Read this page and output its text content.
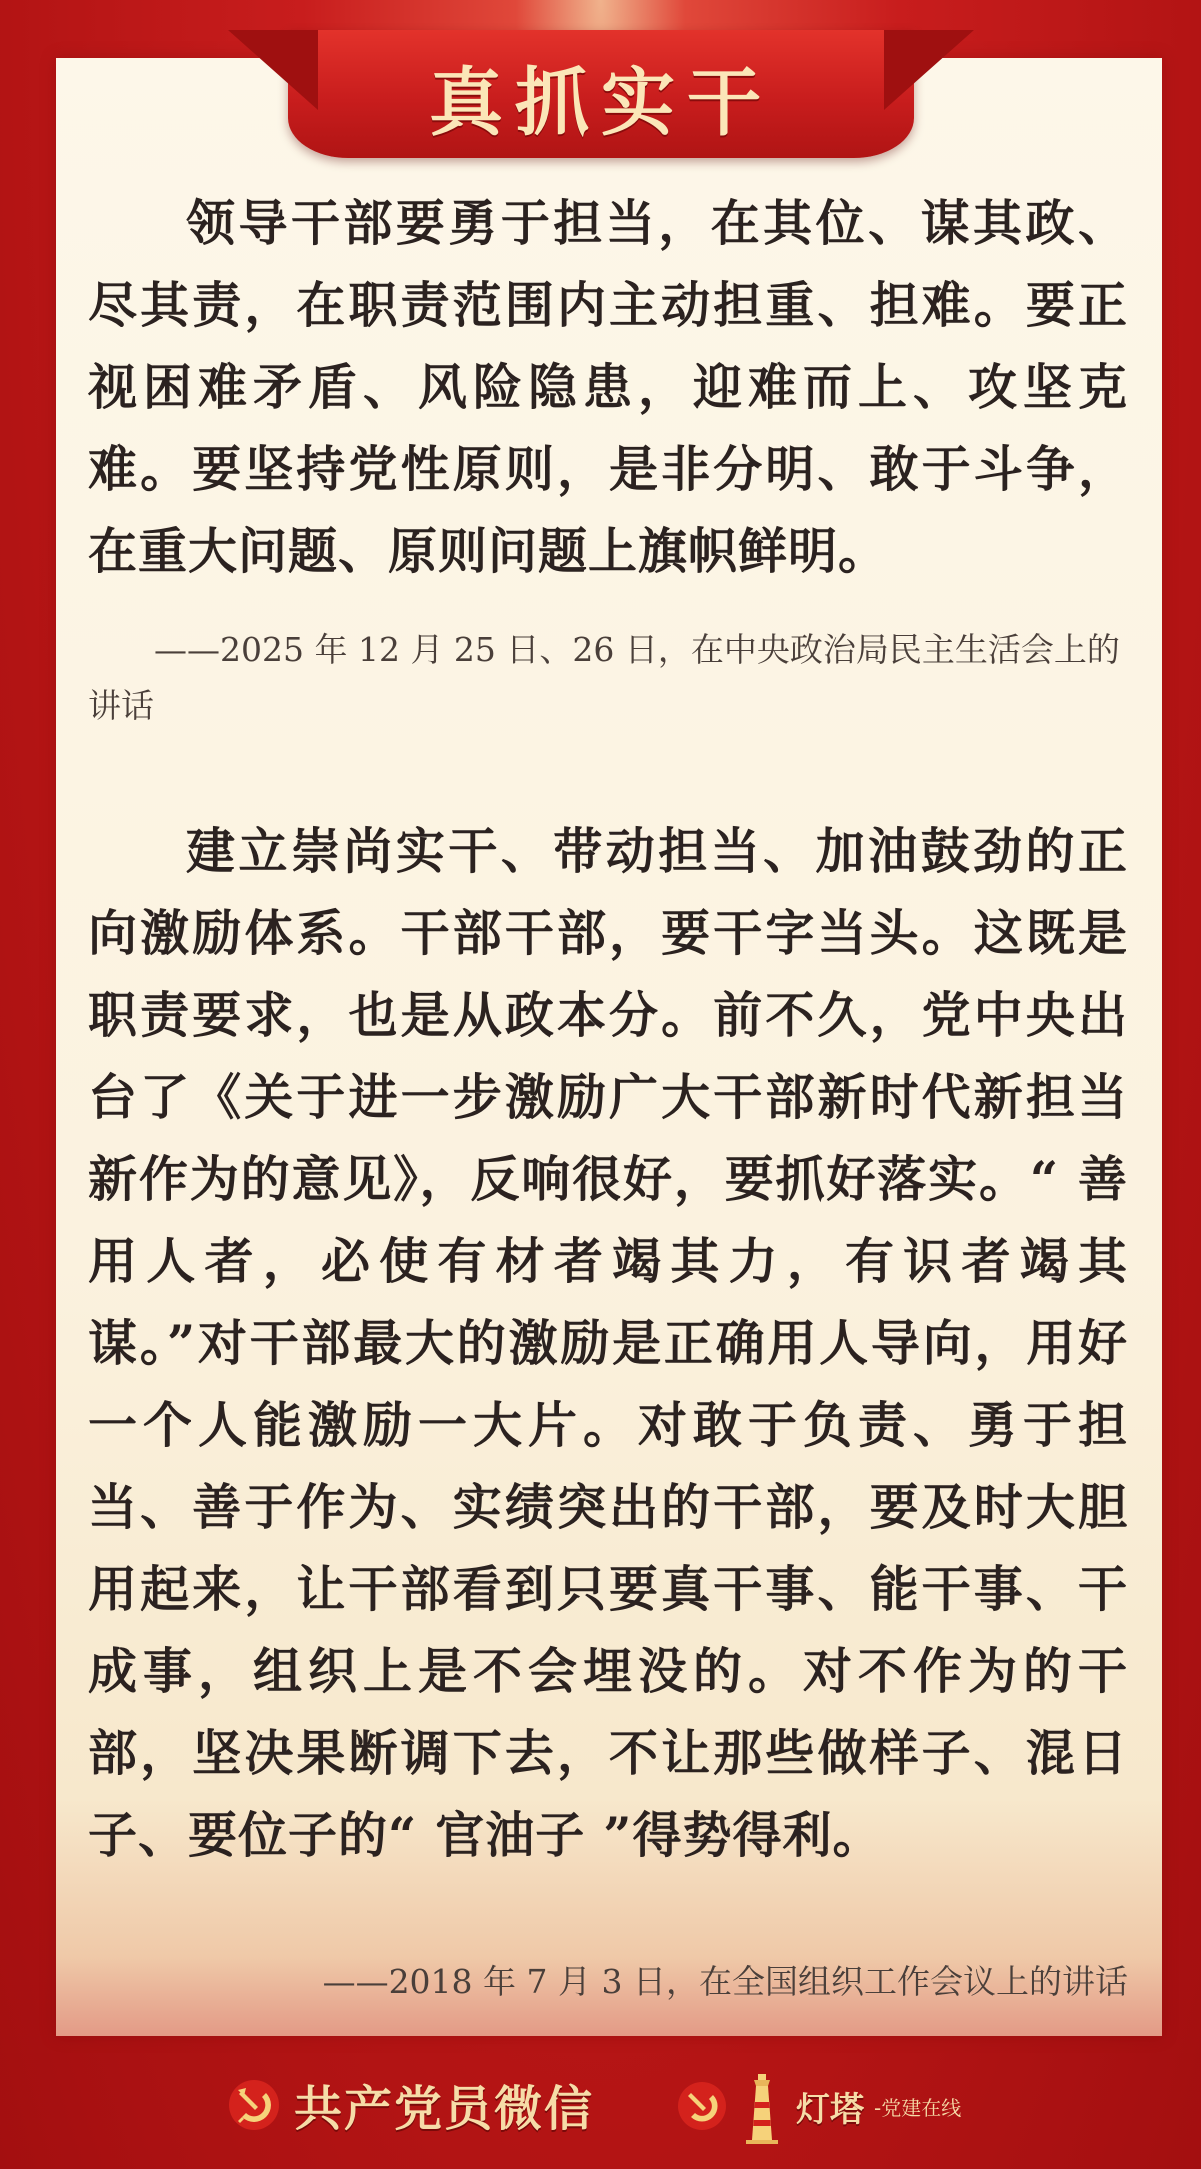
真抓实干

领导干部要勇于担当，在其位、谋其政、尽其责，在职责范围内主动担重、担难。要正视困难矛盾、风险隐患，迎难而上、攻坚克难。要坚持党性原则，是非分明、敢于斗争，在重大问题、原则问题上旗帜鲜明。

——2025 年 12 月 25 日、26 日，在中央政治局民主生活会上的讲话

建立崇尚实干、带动担当、加油鼓劲的正向激励体系。干部干部，要干字当头。这既是职责要求，也是从政本分。前不久，党中央出台了《关于进一步激励广大干部新时代新担当新作为的意见》，反响很好，要抓好落实。“ 善用人者，必使有材者竭其力，有识者竭其谋。”对干部最大的激励是正确用人导向，用好一个人能激励一大片。对敢于负责、勇于担当、善于作为、实绩突出的干部，要及时大胆用起来，让干部看到只要真干事、能干事、干成事，组织上是不会埋没的。对不作为的干部，坚决果断调下去，不让那些做样子、混日子、要位子的“ 官油子 ”得势得利。

——2018 年 7 月 3 日，在全国组织工作会议上的讲话

共产党员微信	灯塔 -党建在线
